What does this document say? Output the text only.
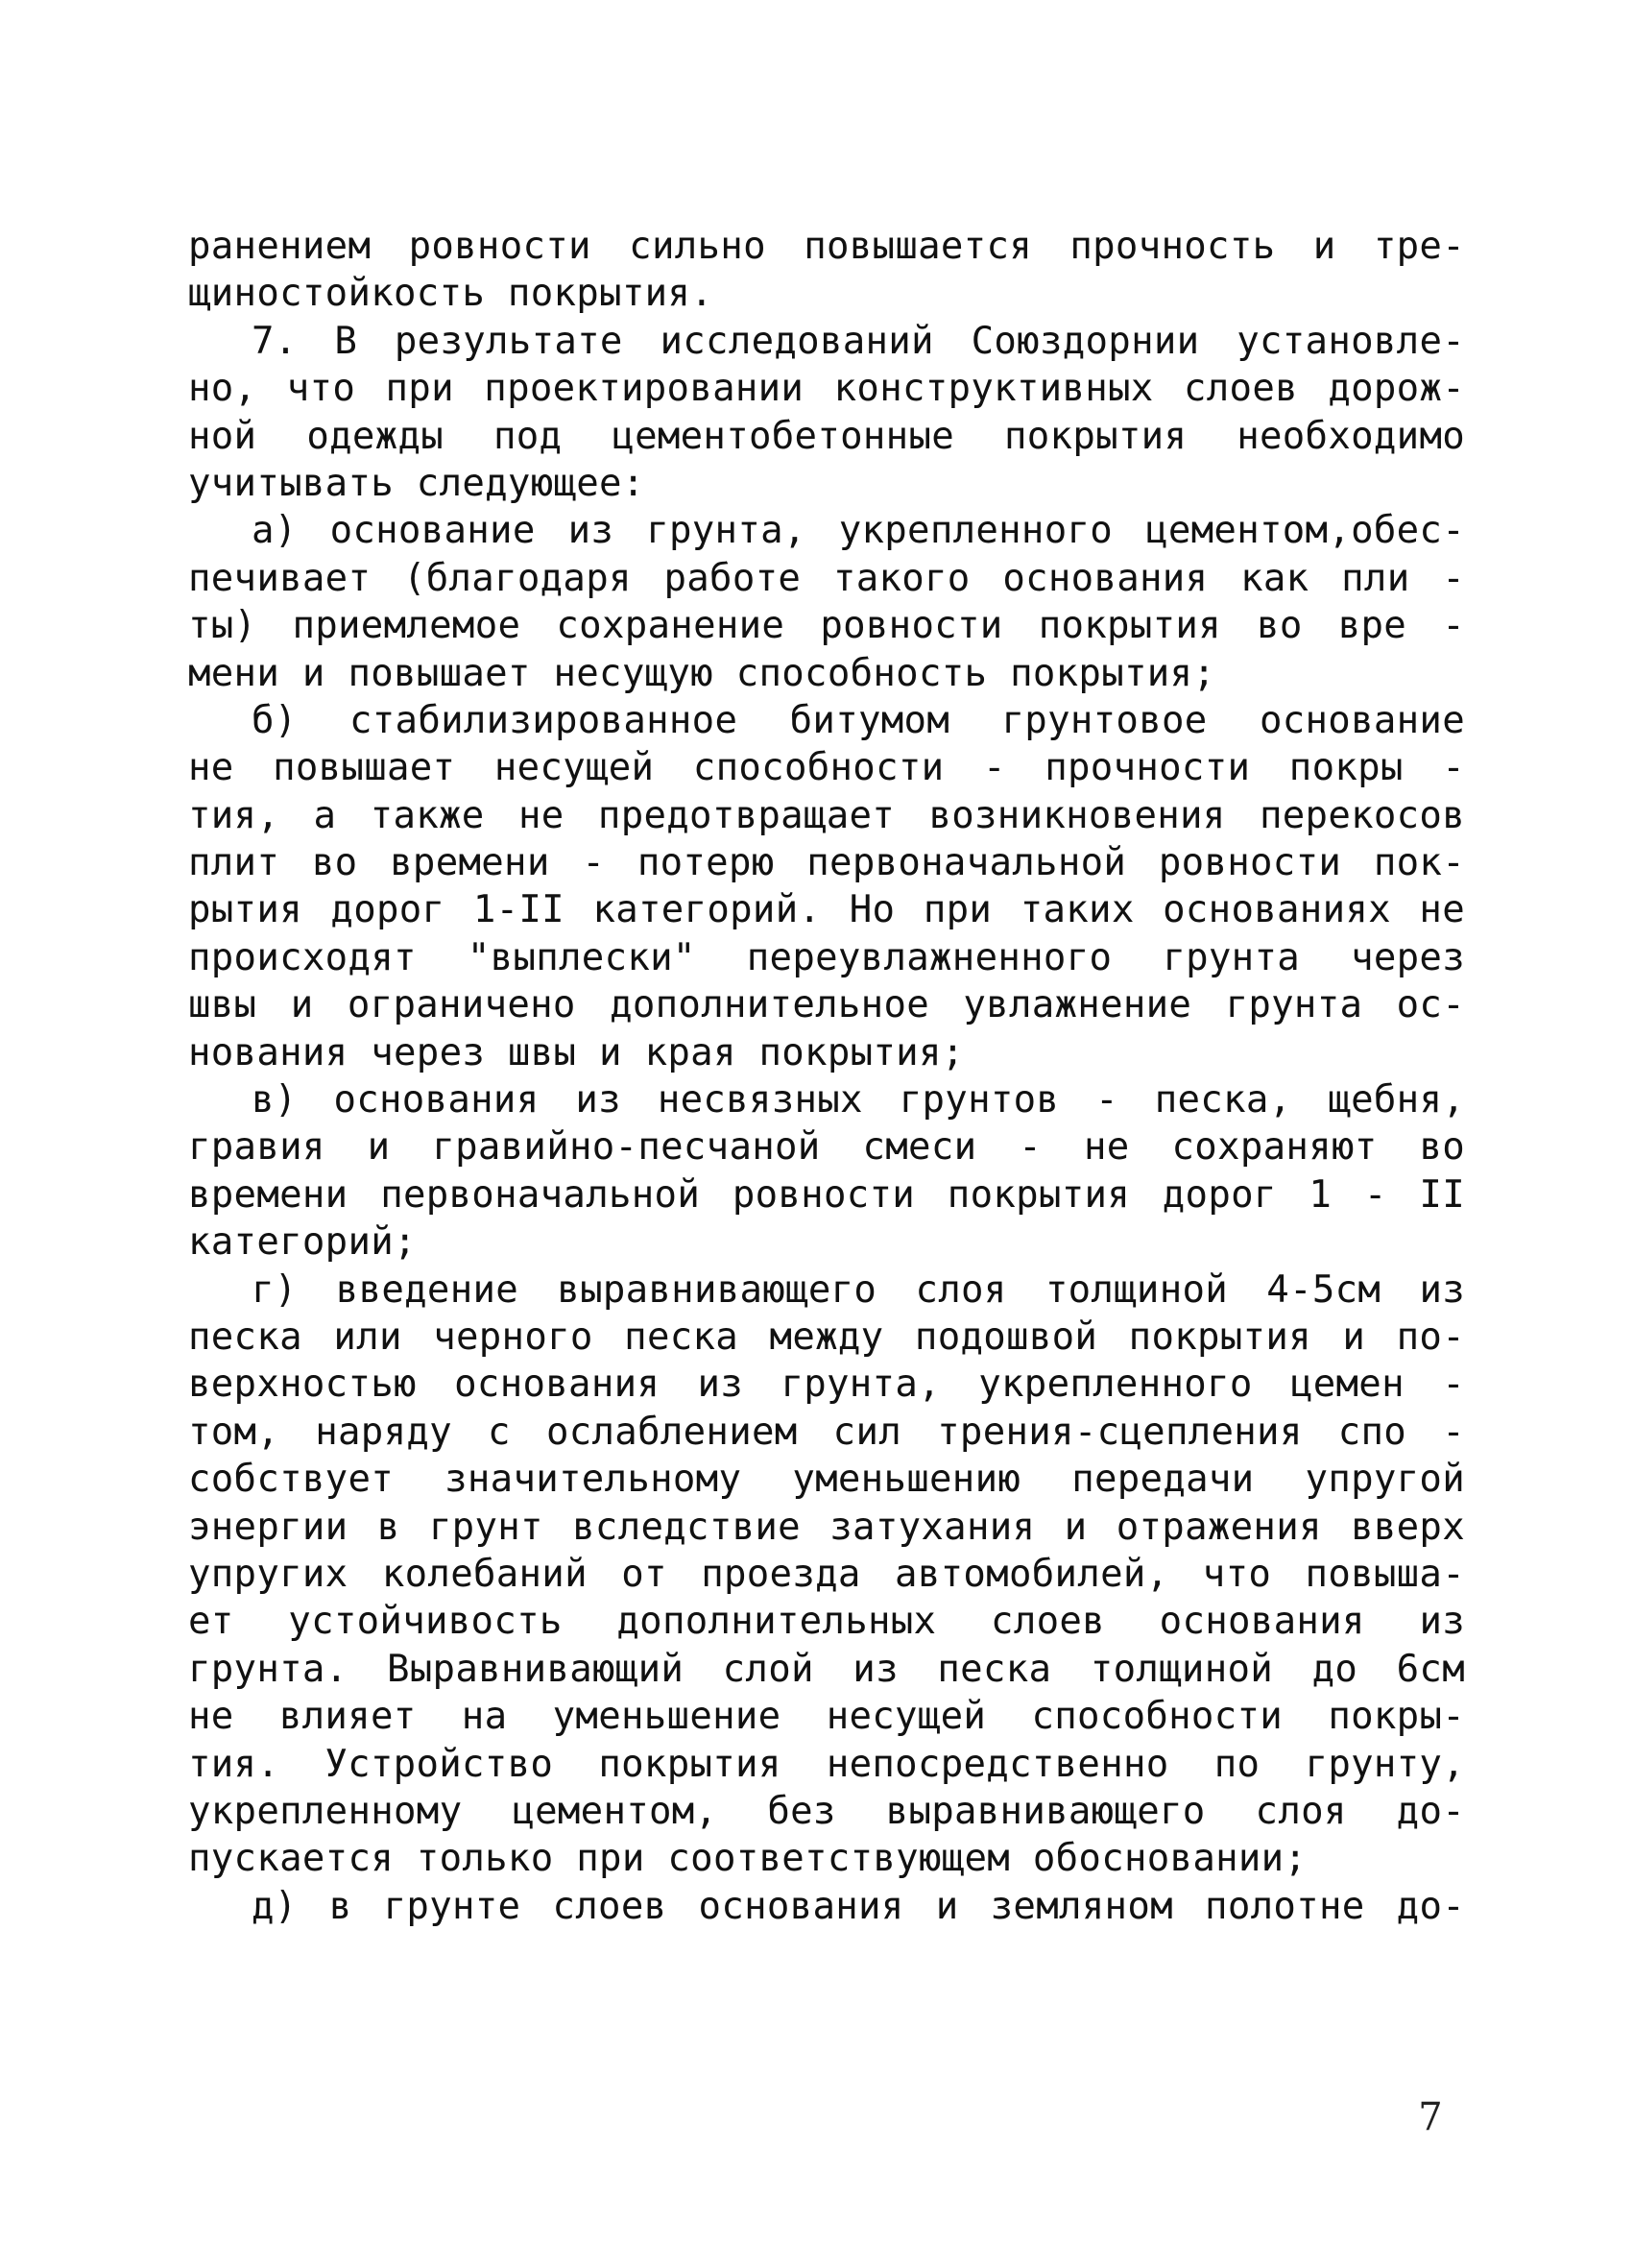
ранением ровности сильно повышается прочность и тре-
щиностойкость покрытия.
7. В результате исследований Союздорнии установле-
но, что при проектировании конструктивных слоев дорож-
ной одежды под цементобетонные покрытия необходимо
учитывать следующее:
а) основание из грунта, укрепленного цементом,обес-
печивает (благодаря работе такого основания как пли -
ты) приемлемое сохранение ровности покрытия во вре -
мени и повышает несущую способность покрытия;
б) стабилизированное битумом грунтовое основание
не повышает несущей способности - прочности покры -
тия, а также не предотвращает возникновения перекосов
плит во времени - потерю первоначальной ровности пок-
рытия дорог 1-II категорий. Но при таких основаниях не
происходят "выплески" переувлажненного грунта через
швы и ограничено дополнительное увлажнение грунта ос-
нования через швы и края покрытия;
в) основания из несвязных грунтов - песка, щебня,
гравия и гравийно-песчаной смеси - не сохраняют во
времени первоначальной ровности покрытия дорог 1 - II
категорий;
г) введение выравнивающего слоя толщиной 4-5см из
песка или черного песка между подошвой покрытия и по-
верхностью основания из грунта, укрепленного цемен -
том, наряду с ослаблением сил трения-сцепления спо -
собствует значительному уменьшению передачи упругой
энергии в грунт вследствие затухания и отражения вверх
упругих колебаний от проезда автомобилей, что повыша-
ет устойчивость дополнительных слоев основания из
грунта. Выравнивающий слой из песка толщиной до 6см
не влияет на уменьшение несущей способности покры-
тия. Устройство покрытия непосредственно по грунту,
укрепленному цементом, без выравнивающего слоя до-
пускается только при соответствующем обосновании;
д) в грунте слоев основания и земляном полотне до-
7
